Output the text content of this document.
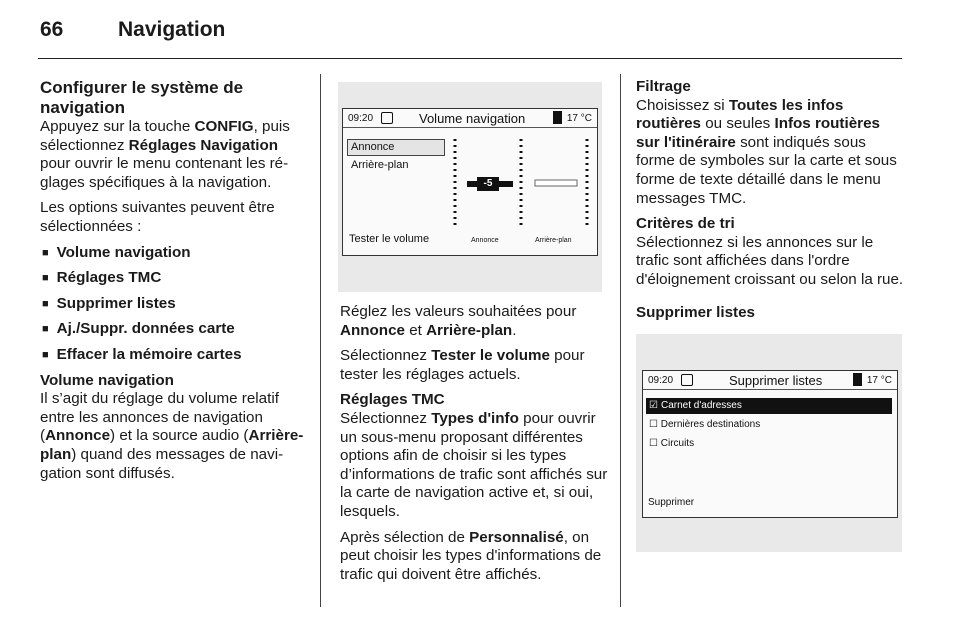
66	Navigation
Configurer le système de navigation

Appuyez sur la touche CONFIG, puis sélectionnez Réglages Navigation pour ouvrir le menu contenant les ré-glages spécifiques à la navigation.

Les options suivantes peuvent être sélectionnées :

■ Volume navigation
■ Réglages TMC
■ Supprimer listes
■ Aj./Suppr. données carte
■ Effacer la mémoire cartes
Volume navigation

Il s’agit du réglage du volume relatif entre les annonces de navigation (Annonce) et la source audio (Arrière-plan) quand des messages de navi-gation sont diffusés.

09:20	Volume navigation	17 °C
Annonce
Arrière-plan
Tester le volume
-5
Annonce	Arrière-plan

Réglez les valeurs souhaitées pour Annonce et Arrière-plan.

Sélectionnez Tester le volume pour tester les réglages actuels.

Réglages TMC

Sélectionnez Types d'info pour ouvrir un sous-menu proposant différentes options afin de choisir si les types d’informations de trafic sont affichés sur la carte de navigation active et, si oui, lesquels.

Après sélection de Personnalisé, on peut choisir les types d'informations de trafic qui doivent être affichés.

Filtrage

Choisissez si Toutes les infos routières ou seules Infos routières sur l'itinéraire sont indiqués sous forme de symboles sur la carte et sous forme de texte détaillé dans le menu messages TMC.

Critères de tri

Sélectionnez si les annonces sur le trafic sont affichées dans l'ordre d'éloignement croissant ou selon la rue.

Supprimer listes
09:20	Supprimer listes	17 °C
☑ Carnet d'adresses
☐ Dernières destinations
☐ Circuits
Supprimer
